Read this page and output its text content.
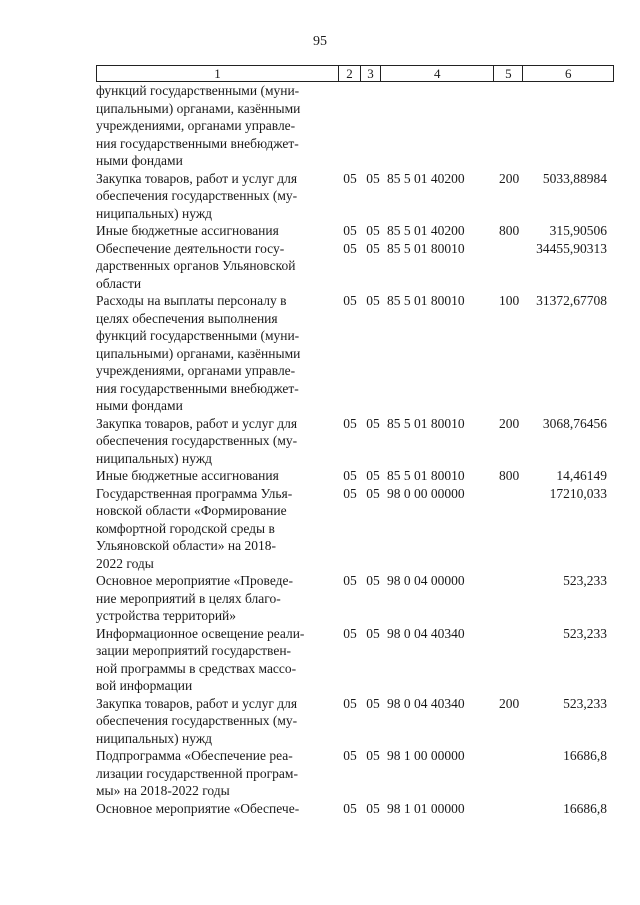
95
1	2	3	4	5	6
функций государственными (муни-
ципальными) органами, казёнными
учреждениями, органами управле-
ния государственными внебюджет-
ными фондами
Закупка товаров, работ и услуг для
обеспечения государственных (му-
ниципальных) нужд
05 05 85 5 01 40200	200	5033,88984
Иные бюджетные ассигнования	05 05 85 5 01 40200	800	315,90506
Обеспечение деятельности госу-
дарственных органов Ульяновской
области
05 05 85 5 01 80010	34455,90313
Расходы на выплаты персоналу в
целях обеспечения выполнения
функций государственными (муни-
ципальными) органами, казёнными
учреждениями, органами управле-
ния государственными внебюджет-
ными фондами
05 05 85 5 01 80010	100	31372,67708
Закупка товаров, работ и услуг для
обеспечения государственных (му-
ниципальных) нужд
05 05 85 5 01 80010	200	3068,76456
Иные бюджетные ассигнования	05 05 85 5 01 80010	800	14,46149
Государственная программа Улья-
новской области «Формирование
комфортной городской среды в
Ульяновской области» на 2018-
2022 годы
05 05 98 0 00 00000	17210,033
Основное мероприятие «Проведе-
ние мероприятий в целях благо-
устройства территорий»
05 05 98 0 04 00000	523,233
Информационное освещение реали-
зации мероприятий государствен-
ной программы в средствах массо-
вой информации
05 05 98 0 04 40340	523,233
Закупка товаров, работ и услуг для
обеспечения государственных (му-
ниципальных) нужд
05 05 98 0 04 40340	200	523,233
Подпрограмма «Обеспечение реа-
лизации государственной програм-
мы» на 2018-2022 годы
05 05 98 1 00 00000	16686,8
Основное мероприятие «Обеспече-	05 05 98 1 01 00000	16686,8
